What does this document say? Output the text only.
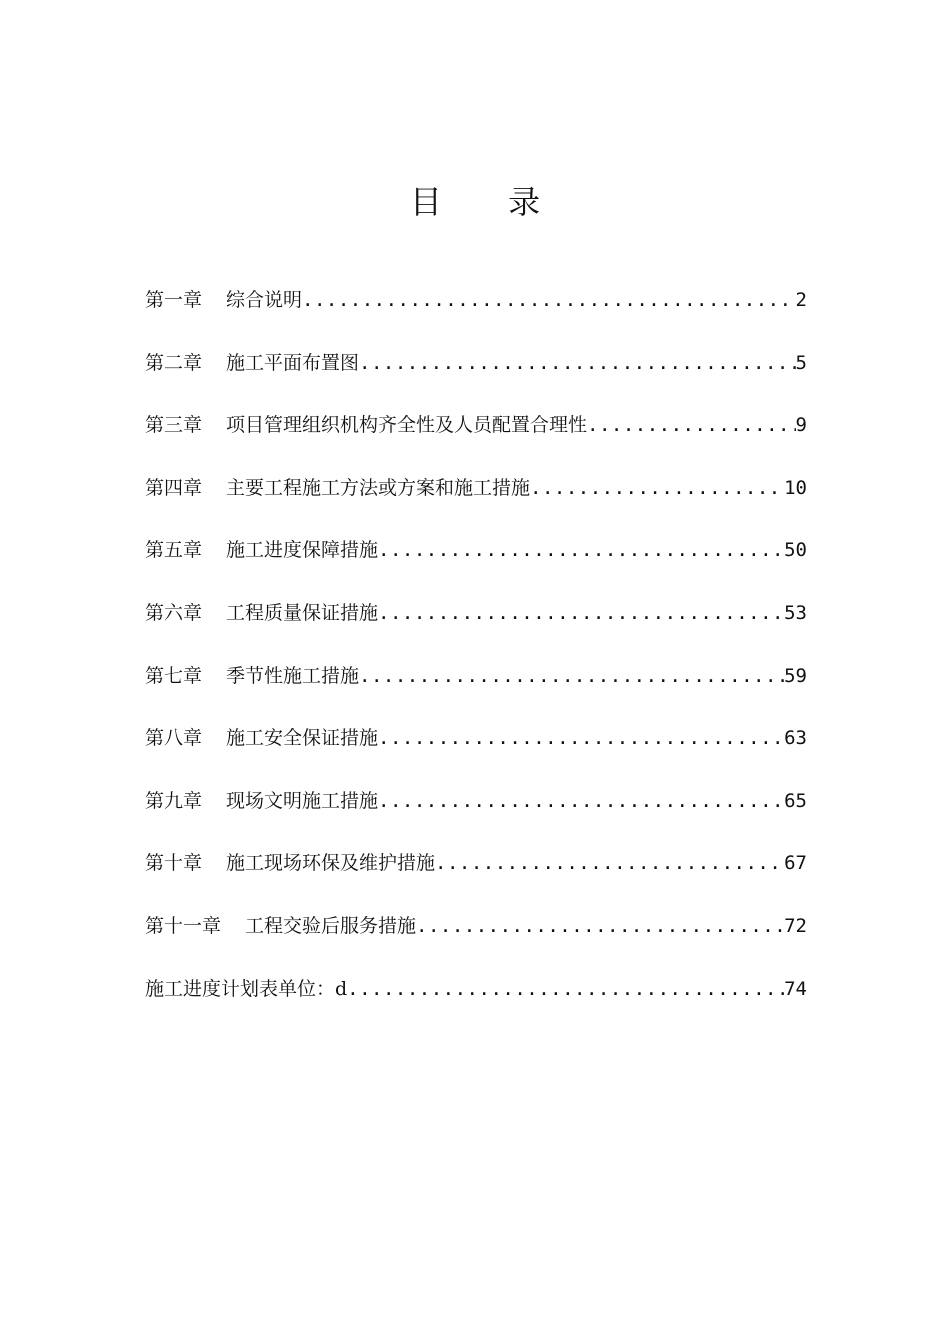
目 录
第一章 综合说明 .....	2
第二章 施工平面布置图 .....	5
第三章 项目管理组织机构齐全性及人员配置合理性 .....	9
第四章 主要工程施工方法或方案和施工措施 .....	10
第五章 施工进度保障措施 .....	50
第六章 工程质量保证措施 .....	53
第七章 季节性施工措施 .....	59
第八章 施工安全保证措施 .....	63
第九章 现场文明施工措施 .....	65
第十章 施工现场环保及维护措施 .....	67
第十一章 工程交验后服务措施 .....	72
施工进度计划表单位：d .....	74
